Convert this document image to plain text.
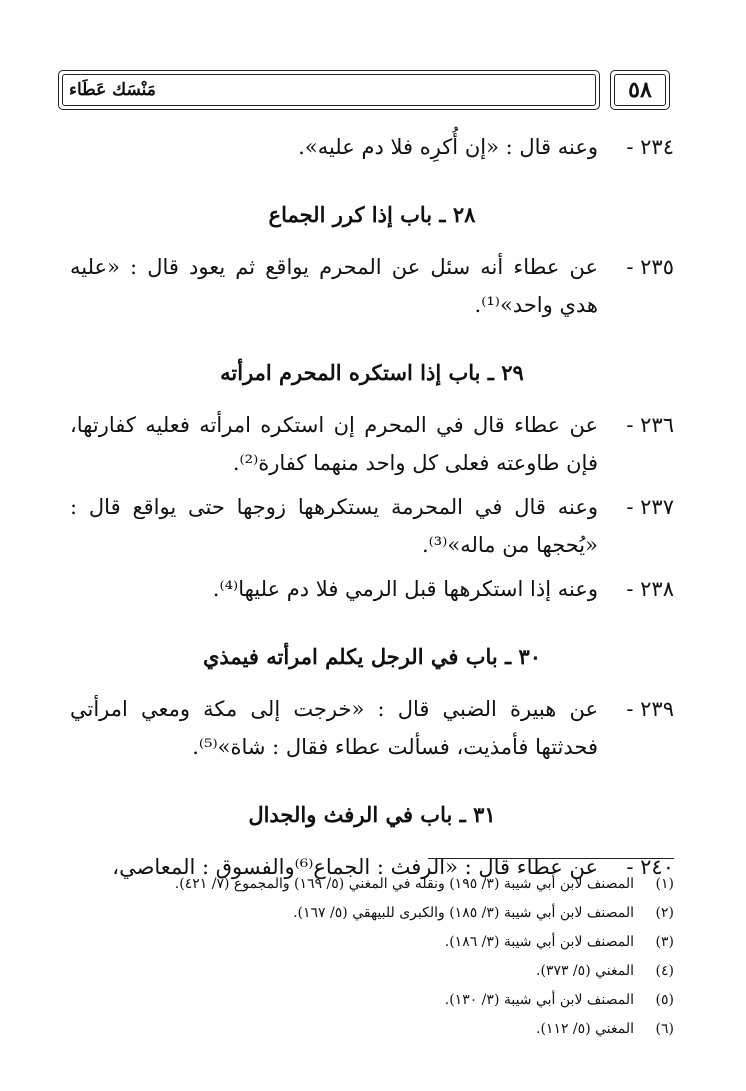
مَنْسَك عَطَاء	٥٨
٢٣٤ -
وعنه قال : «إن أُكرِه فلا دم عليه».
٢٨ ـ باب إذا كرر الجماع
٢٣٥ -
عن عطاء أنه سئل عن المحرم يواقع ثم يعود قال : «عليه هدي واحد»⁽¹⁾.
٢٩ ـ باب إذا استكره المحرم امرأته
٢٣٦ -
عن عطاء قال في المحرم إن استكره امرأته فعليه كفارتها، فإن طاوعته فعلى كل واحد منهما كفارة⁽²⁾.
٢٣٧ -
وعنه قال في المحرمة يستكرهها زوجها حتى يواقع قال : «يُحجها من ماله»⁽³⁾.
٢٣٨ -
وعنه إذا استكرهها قبل الرمي فلا دم عليها⁽⁴⁾.
٣٠ ـ باب في الرجل يكلم امرأته فيمذي
٢٣٩ -
عن هبيرة الضبي قال : «خرجت إلى مكة ومعي امرأتي فحدثتها فأمذيت، فسألت عطاء فقال : شاة»⁽⁵⁾.
٣١ ـ باب في الرفث والجدال
٢٤٠ -
عن عطاء قال : «الرفث : الجماع⁽⁶⁾والفسوق : المعاصي،
(١)
المصنف لابن أبي شيبة (٣/ ١٩٥) ونقله في المغني (٥/ ١٦٩) والمجموع (٧/ ٤٢١).
(٢)
المصنف لابن أبي شيبة (٣/ ١٨٥) والكبرى للبيهقي (٥/ ١٦٧).
(٣)
المصنف لابن أبي شيبة (٣/ ١٨٦).
(٤)
المغني (٥/ ٣٧٣).
(٥)
المصنف لابن أبي شيبة (٣/ ١٣٠).
(٦)
المغني (٥/ ١١٢).
